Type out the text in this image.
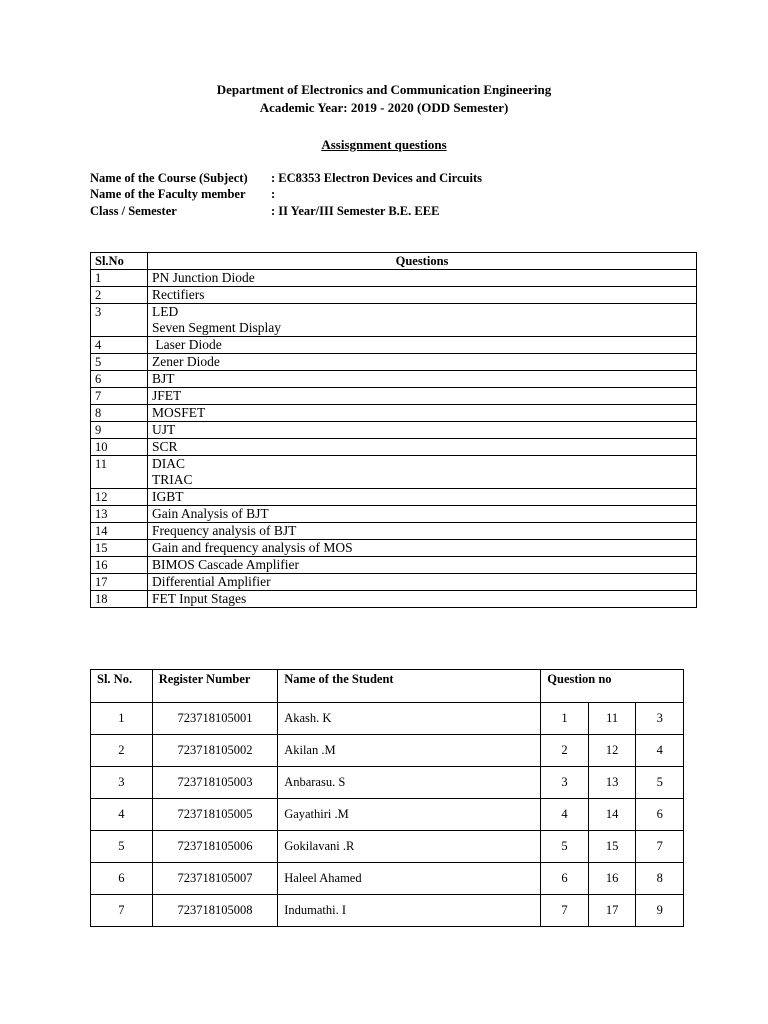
Department of Electronics and Communication Engineering
Academic Year: 2019 - 2020 (ODD Semester)
Assisgnment questions
Name of the Course (Subject) : EC8353 Electron Devices and Circuits
Name of the Faculty member :
Class / Semester	: II Year/III Semester B.E. EEE
Sl.No	Questions
1	PN Junction Diode

2	Rectifiers

3	LED
Seven Segment Display

4	Laser Diode

5	Zener Diode

6	BJT

7	JFET

8	MOSFET

9	UJT

10	SCR

11	DIAC
TRIAC

12	IGBT

13	Gain Analysis of BJT

14	Frequency analysis of BJT

15	Gain and frequency analysis of MOS

16	BIMOS Cascade Amplifier

17	Differential Amplifier

18	FET Input Stages
Sl. No.	Register Number	Name of the Student	Question no		
1	723718105001	Akash. K	1	11	3
2	723718105002	Akilan .M	2	12	4
3	723718105003	Anbarasu. S	3	13	5
4	723718105005	Gayathiri .M	4	14	6
5	723718105006	Gokilavani .R	5	15	7
6	723718105007	Haleel Ahamed	6	16	8
7	723718105008	Indumathi. I	7	17	9
